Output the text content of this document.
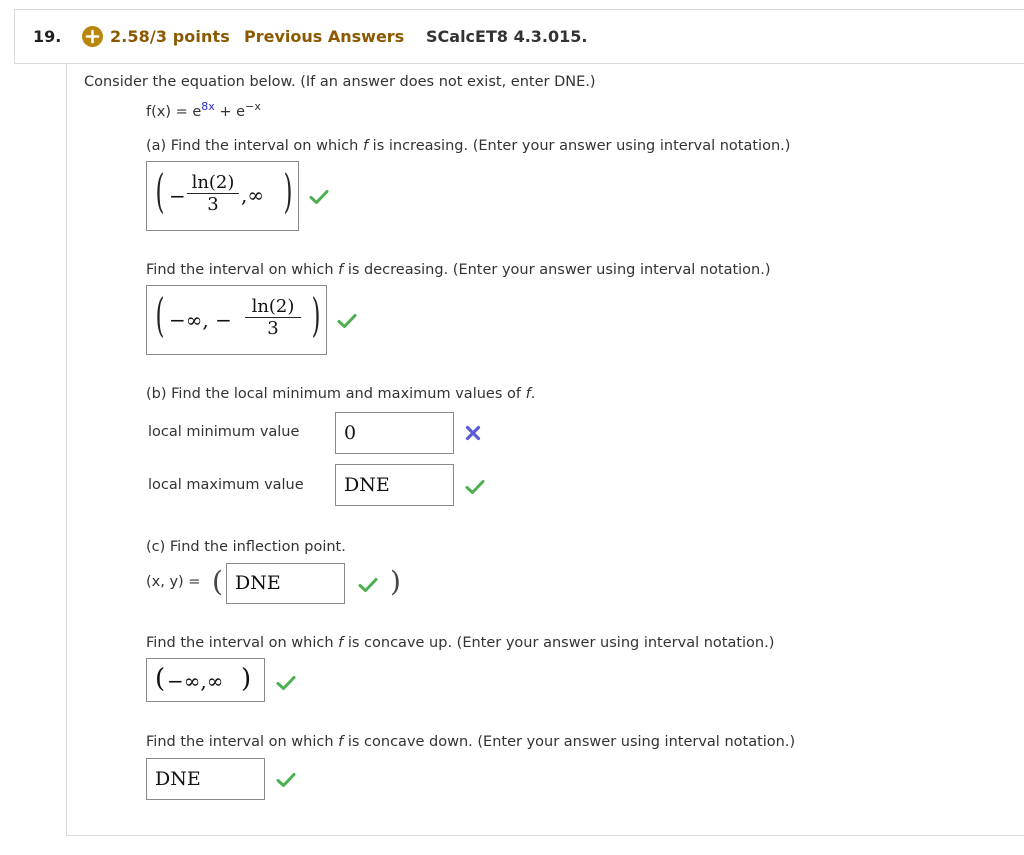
19.	2.58/3 points Previous Answers SCalcET8 4.3.015.
Consider the equation below. (If an answer does not exist, enter DNE.)
$f(x) = e^{8x} + e^{-x}$
(a) Find the interval on which f is increasing. (Enter your answer using interval notation.)
( −
ln(2)
3	,∞ )
Find the interval on which f is decreasing. (Enter your answer using interval notation.)
( −∞, −
ln(2)
3 )
(b) Find the local minimum and maximum values of f.
local minimum value 0
local maximum value DNE
(c) Find the inflection point.
(x, y) = ( DNE	)
Find the interval on which f is concave up. (Enter your answer using interval notation.)
( −∞,∞ )
Find the interval on which f is concave down. (Enter your answer using interval notation.)
DNE
